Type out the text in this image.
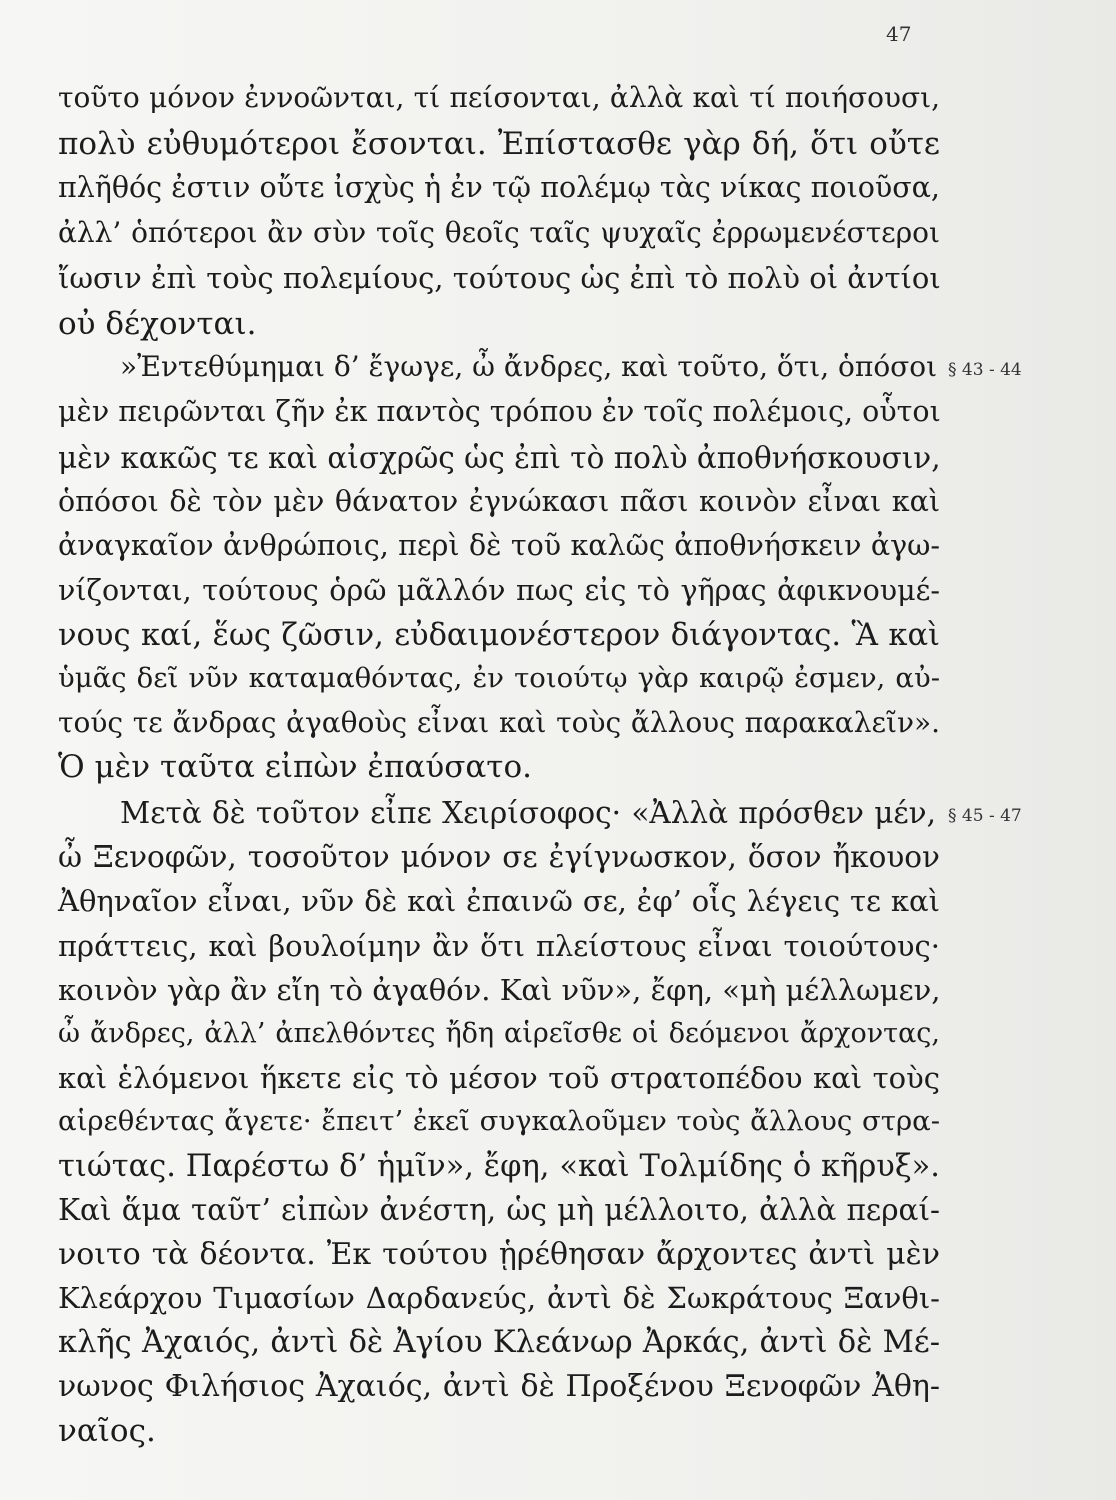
47
τοῦτο μόνον ἐννοῶνται, τί πείσονται, ἀλλὰ καὶ τί ποιήσουσι,
πολὺ εὐθυμότεροι ἔσονται. Ἐπίστασθε γὰρ δή, ὅτι οὔτε
πλῆθός ἐστιν οὔτε ἰσχὺς ἡ ἐν τῷ πολέμῳ τὰς νίκας ποιοῦσα,
ἀλλ’ ὁπότεροι ἂν σὺν τοῖς θεοῖς ταῖς ψυχαῖς ἐρρωμενέστεροι
ἴωσιν ἐπὶ τοὺς πολεμίους, τούτους ὡς ἐπὶ τὸ πολὺ οἱ ἀντίοι
οὐ δέχονται.
»Ἐντεθύμημαι δ’ ἔγωγε, ὦ ἄνδρες, καὶ τοῦτο, ὅτι, ὁπόσοι
μὲν πειρῶνται ζῆν ἐκ παντὸς τρόπου ἐν τοῖς πολέμοις, οὗτοι
μὲν κακῶς τε καὶ αἰσχρῶς ὡς ἐπὶ τὸ πολὺ ἀποθνήσκουσιν,
ὁπόσοι δὲ τὸν μὲν θάνατον ἐγνώκασι πᾶσι κοινὸν εἶναι καὶ
ἀναγκαῖον ἀνθρώποις, περὶ δὲ τοῦ καλῶς ἀποθνήσκειν ἀγω-
νίζονται, τούτους ὁρῶ μᾶλλόν πως εἰς τὸ γῆρας ἀφικνουμέ-
νους καί, ἕως ζῶσιν, εὐδαιμονέστερον διάγοντας. Ἃ καὶ
ὑμᾶς δεῖ νῦν καταμαθόντας, ἐν τοιούτῳ γὰρ καιρῷ ἐσμεν, αὐ-
τούς τε ἄνδρας ἀγαθοὺς εἶναι καὶ τοὺς ἄλλους παρακαλεῖν».
Ὁ μὲν ταῦτα εἰπὼν ἐπαύσατο.
Μετὰ δὲ τοῦτον εἶπε Χειρίσοφος· «Ἀλλὰ πρόσθεν μέν,
ὦ Ξενοφῶν, τοσοῦτον μόνον σε ἐγίγνωσκον, ὅσον ἤκουον
Ἀθηναῖον εἶναι, νῦν δὲ καὶ ἐπαινῶ σε, ἐφ’ οἷς λέγεις τε καὶ
πράττεις, καὶ βουλοίμην ἂν ὅτι πλείστους εἶναι τοιούτους·
κοινὸν γὰρ ἂν εἴη τὸ ἀγαθόν. Καὶ νῦν», ἔφη, «μὴ μέλλωμεν,
ὦ ἄνδρες, ἀλλ’ ἀπελθόντες ἤδη αἱρεῖσθε οἱ δεόμενοι ἄρχοντας,
καὶ ἑλόμενοι ἥκετε εἰς τὸ μέσον τοῦ στρατοπέδου καὶ τοὺς
αἱρεθέντας ἄγετε· ἔπειτ’ ἐκεῖ συγκαλοῦμεν τοὺς ἄλλους στρα-
τιώτας. Παρέστω δ’ ἡμῖν», ἔφη, «καὶ Τολμίδης ὁ κῆρυξ».
Καὶ ἅμα ταῦτ’ εἰπὼν ἀνέστη, ὡς μὴ μέλλοιτο, ἀλλὰ περαί-
νοιτο τὰ δέοντα. Ἐκ τούτου ᾑρέθησαν ἄρχοντες ἀντὶ μὲν
Κλεάρχου Τιμασίων Δαρδανεύς, ἀντὶ δὲ Σωκράτους Ξανθι-
κλῆς Ἀχαιός, ἀντὶ δὲ Ἀγίου Κλεάνωρ Ἀρκάς, ἀντὶ δὲ Μέ-
νωνος Φιλήσιος Ἀχαιός, ἀντὶ δὲ Προξένου Ξενοφῶν Ἀθη-
ναῖος.
§ 43 - 44
§ 45 - 47
